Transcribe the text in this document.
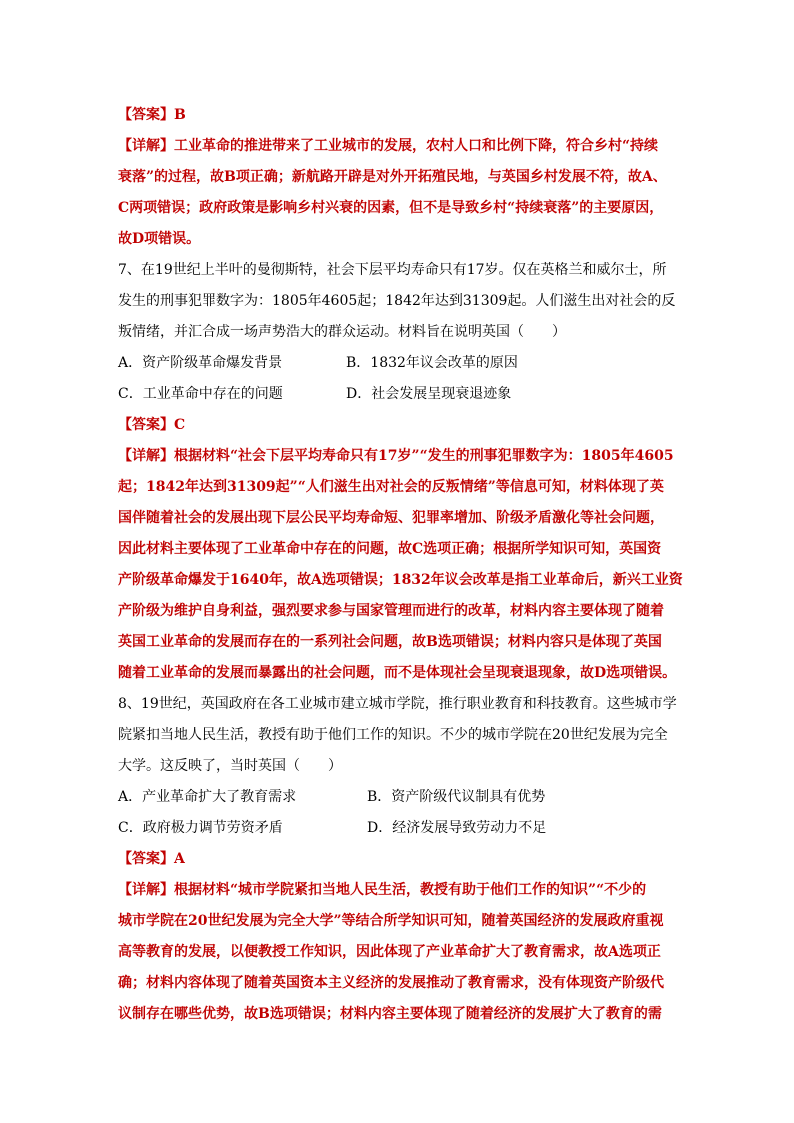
【答案】B
【详解】工业革命的推进带来了工业城市的发展，农村人口和比例下降，符合乡村“持续
衰落”的过程，故B项正确；新航路开辟是对外开拓殖民地，与英国乡村发展不符，故A、
C两项错误；政府政策是影响乡村兴衰的因素，但不是导致乡村“持续衰落”的主要原因，
故D项错误。
7、在19世纪上半叶的曼彻斯特，社会下层平均寿命只有17岁。仅在英格兰和威尔士，所
发生的刑事犯罪数字为：1805年4605起；1842年达到31309起。人们滋生出对社会的反
叛情绪，并汇合成一场声势浩大的群众运动。材料旨在说明英国（　　）
A．资产阶级革命爆发背景	B．1832年议会改革的原因
C．工业革命中存在的问题	D．社会发展呈现衰退迹象
【答案】C
【详解】根据材料“社会下层平均寿命只有17岁”“发生的刑事犯罪数字为：1805年4605
起；1842年达到31309起”“人们滋生出对社会的反叛情绪”等信息可知，材料体现了英
国伴随着社会的发展出现下层公民平均寿命短、犯罪率增加、阶级矛盾激化等社会问题，
因此材料主要体现了工业革命中存在的问题，故C选项正确；根据所学知识可知，英国资
产阶级革命爆发于1640年，故A选项错误；1832年议会改革是指工业革命后，新兴工业资
产阶级为维护自身利益，强烈要求参与国家管理而进行的改革，材料内容主要体现了随着
英国工业革命的发展而存在的一系列社会问题，故B选项错误；材料内容只是体现了英国
随着工业革命的发展而暴露出的社会问题，而不是体现社会呈现衰退现象，故D选项错误。
8、19世纪，英国政府在各工业城市建立城市学院，推行职业教育和科技教育。这些城市学
院紧扣当地人民生活，教授有助于他们工作的知识。不少的城市学院在20世纪发展为完全
大学。这反映了，当时英国（　　）
A．产业革命扩大了教育需求	B．资产阶级代议制具有优势
C．政府极力调节劳资矛盾	D．经济发展导致劳动力不足
【答案】A
【详解】根据材料“城市学院紧扣当地人民生活，教授有助于他们工作的知识”“不少的
城市学院在20世纪发展为完全大学”等结合所学知识可知，随着英国经济的发展政府重视
高等教育的发展，以便教授工作知识，因此体现了产业革命扩大了教育需求，故A选项正
确；材料内容体现了随着英国资本主义经济的发展推动了教育需求，没有体现资产阶级代
议制存在哪些优势，故B选项错误；材料内容主要体现了随着经济的发展扩大了教育的需
